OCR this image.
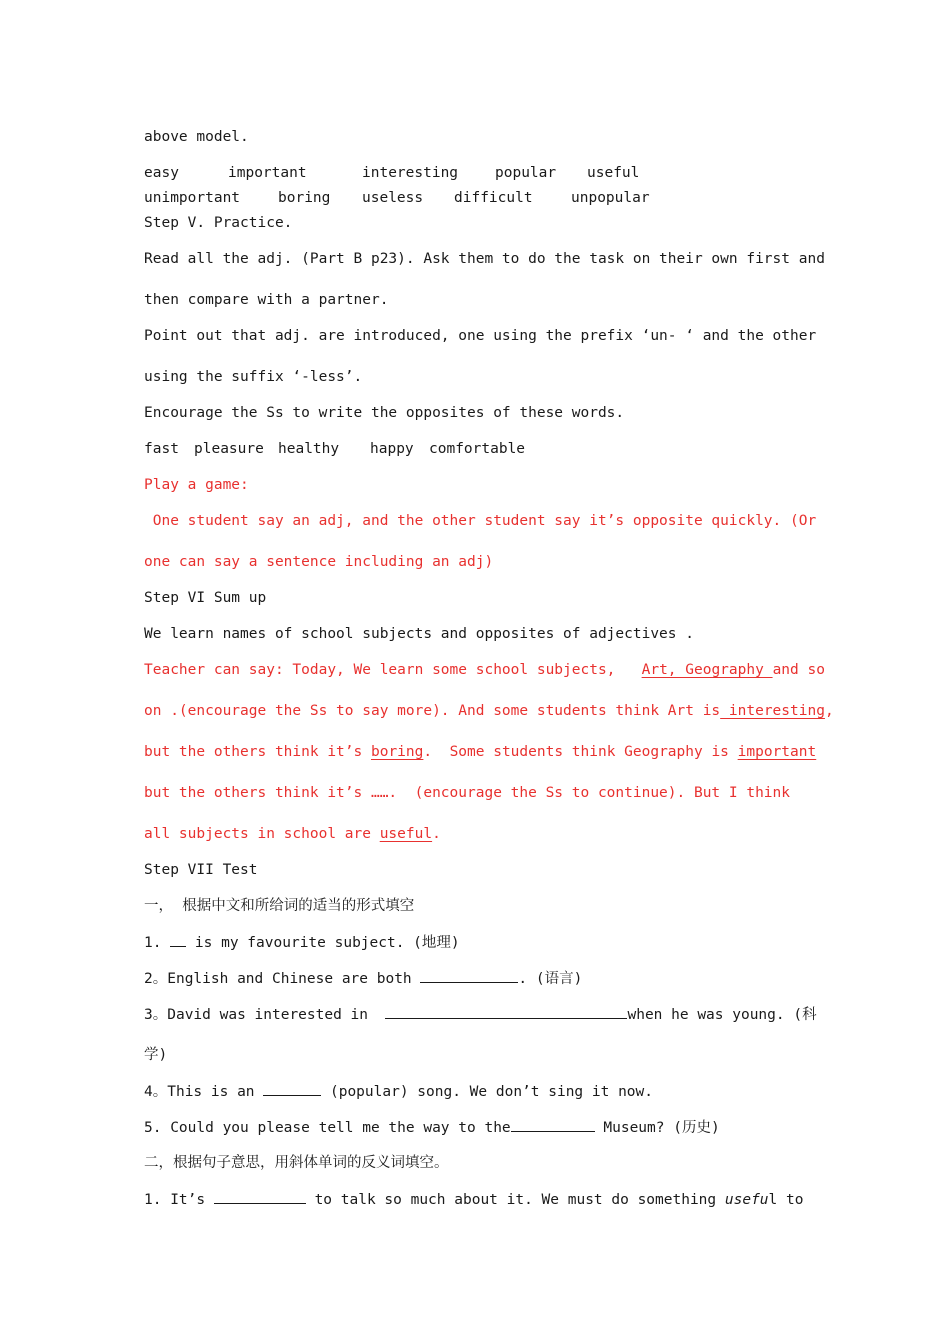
above model.
easy	important	interesting	popular	useful
unimportant	boring	useless	difficult	unpopular
Step V. Practice.
Read all the adj. (Part B p23). Ask them to do the task on their own first and
then compare with a partner.
Point out that adj. are introduced, one using the prefix ‘un- ‘ and the other
using the suffix ‘-less’.
Encourage the Ss to write the opposites of these words.
fast	pleasure healthy	happy	comfortable
Play a game:
One student say an adj, and the other student say it’s opposite quickly. (Or
one can say a sentence including an adj)
Step VI Sum up
We learn names of school subjects and opposites of adjectives .
Teacher can say: Today, We learn some school subjects,   Art, Geography and so
on .(encourage the Ss to say more). And some students think Art is interesting,
but the others think it’s boring.  Some students think Geography is important
but the others think it’s …….  (encourage the Ss to continue). But I think
all subjects in school are useful.
Step VII Test
一，  根据中文和所给词的适当的形式填空
1.  is my favourite subject. (地理)
2。English and Chinese are both	. (语言)
3。David was interested in	when he was young. (科
学)
4。This is an	(popular) song. We don’t sing it now.
5. Could you please tell me the way to the	Museum? (历史)
二，根据句子意思，用斜体单词的反义词填空。
1. It’s	to talk so much about it. We must do something useful to
